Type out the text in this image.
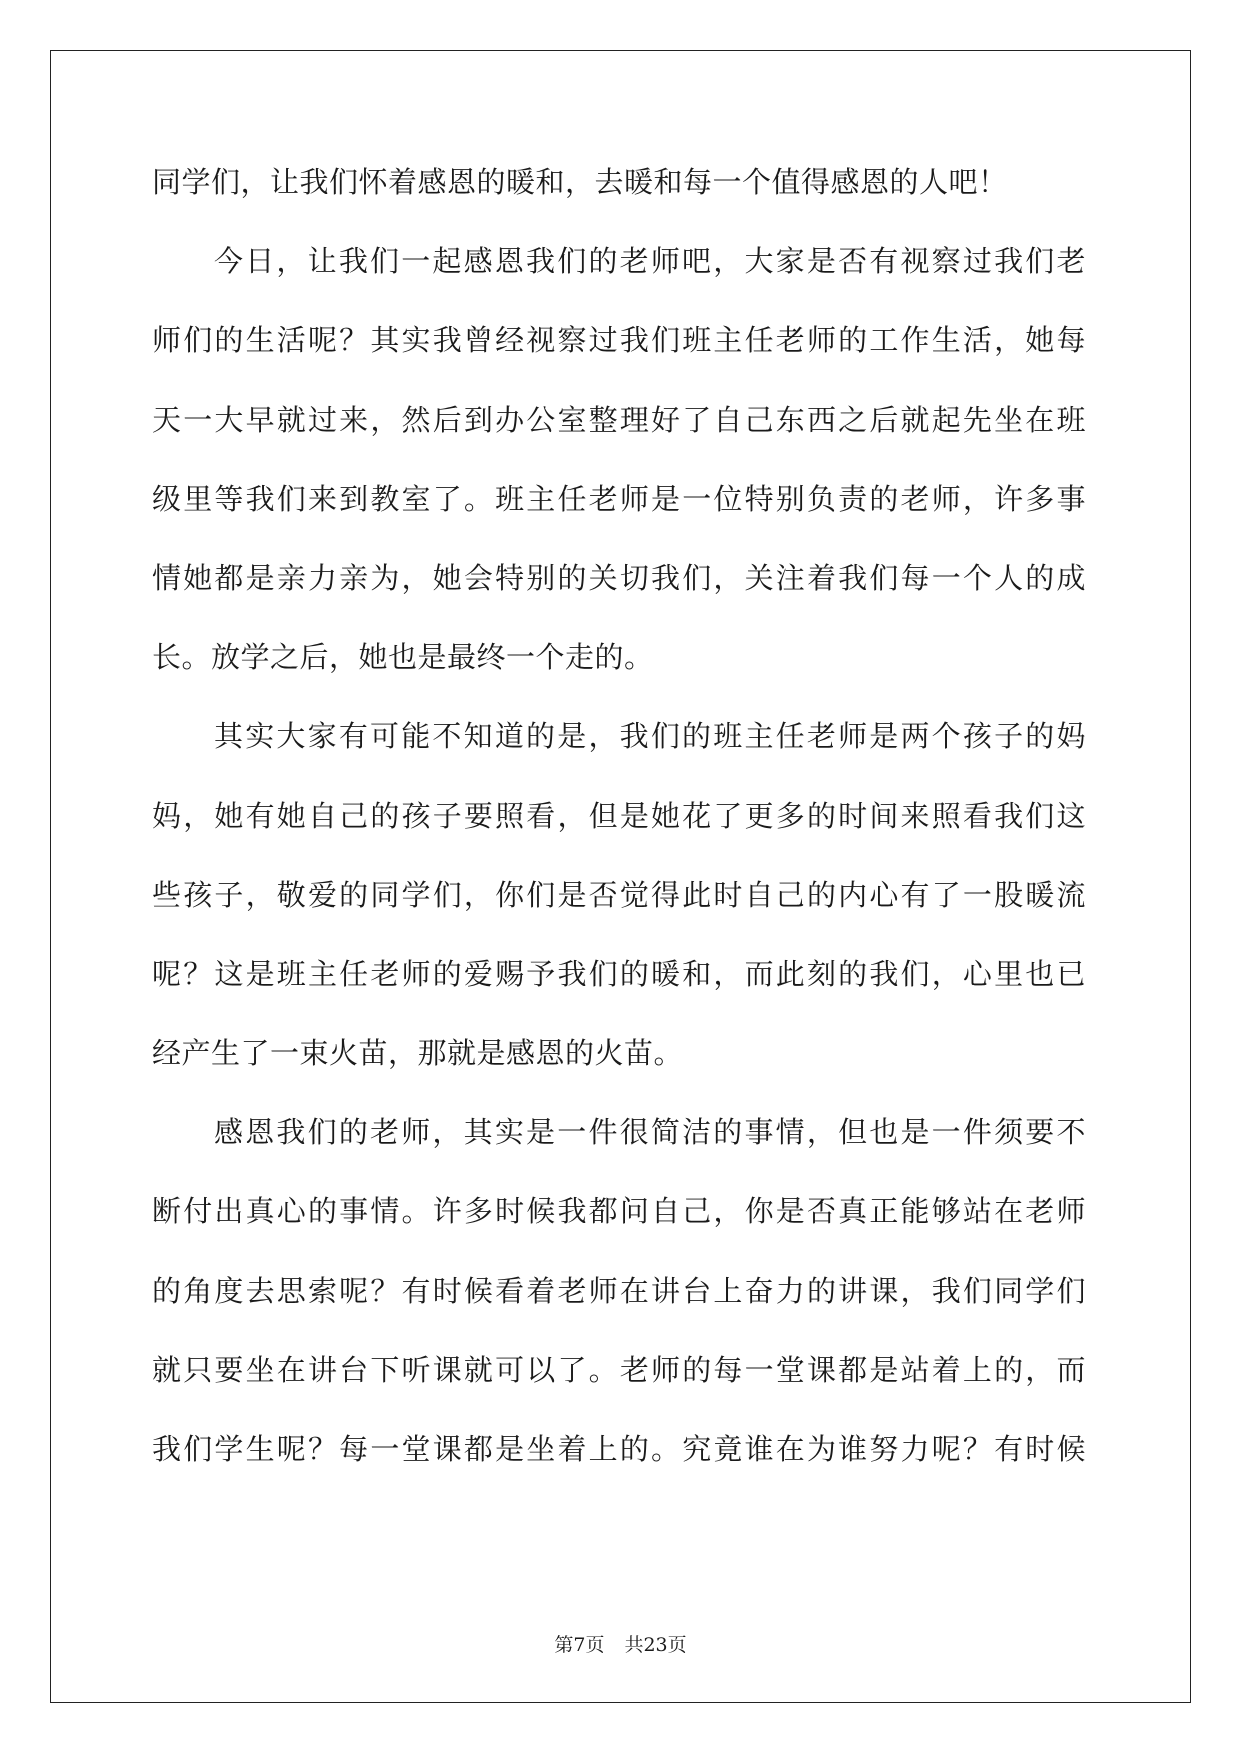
同学们，让我们怀着感恩的暖和，去暖和每一个值得感恩的人吧！
今日，让我们一起感恩我们的老师吧，大家是否有视察过我们老
师们的生活呢？其实我曾经视察过我们班主任老师的工作生活，她每
天一大早就过来，然后到办公室整理好了自己东西之后就起先坐在班
级里等我们来到教室了。班主任老师是一位特别负责的老师，许多事
情她都是亲力亲为，她会特别的关切我们，关注着我们每一个人的成
长。放学之后，她也是最终一个走的。
其实大家有可能不知道的是，我们的班主任老师是两个孩子的妈
妈，她有她自己的孩子要照看，但是她花了更多的时间来照看我们这
些孩子，敬爱的同学们，你们是否觉得此时自己的内心有了一股暖流
呢？这是班主任老师的爱赐予我们的暖和，而此刻的我们，心里也已
经产生了一束火苗，那就是感恩的火苗。
感恩我们的老师，其实是一件很简洁的事情，但也是一件须要不
断付出真心的事情。许多时候我都问自己，你是否真正能够站在老师
的角度去思索呢？有时候看着老师在讲台上奋力的讲课，我们同学们
就只要坐在讲台下听课就可以了。老师的每一堂课都是站着上的，而
我们学生呢？每一堂课都是坐着上的。究竟谁在为谁努力呢？有时候
第7页 共23页
